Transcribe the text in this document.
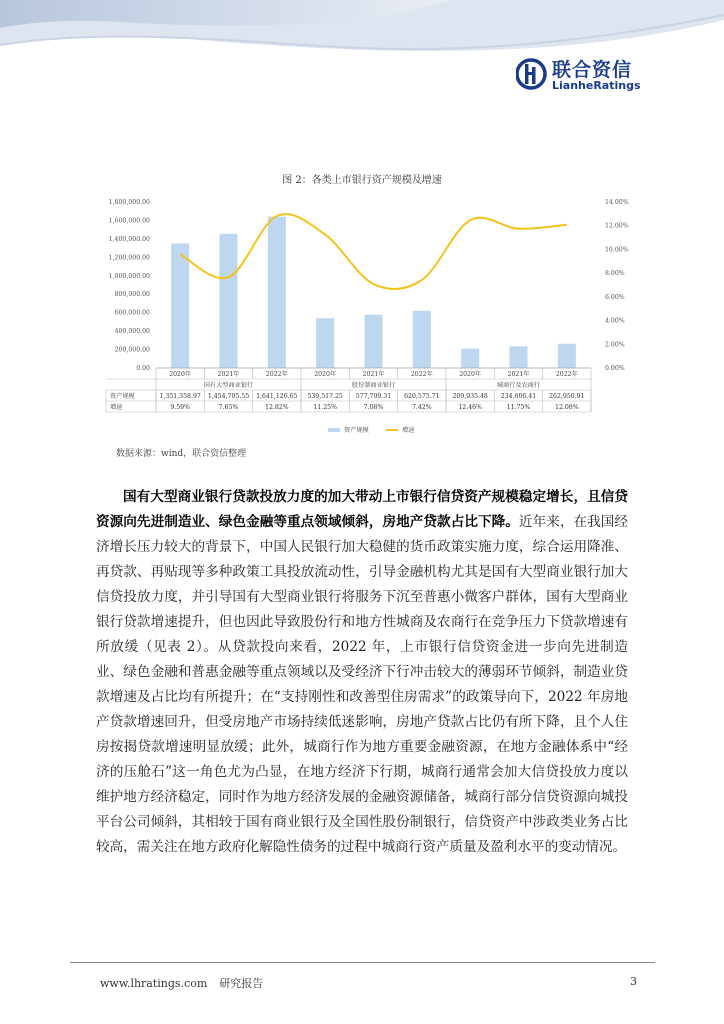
联合资信
LianheRatings
图 2：各类上市银行资产规模及增速
0.00
200,000.00
400,000.00
600,000.00
800,000.00
1,000,000.00
1,200,000.00
1,400,000.00
1,600,000.00
1,800,000.00
0.00%
2.00%
4.00%
6.00%
8.00%
10.00%
12.00%
14.00%
2020年	2021年	2022年	2020年	2021年	2022年	2020年	2021年	2022年
国有大型商业银行	股份制商业银行	城商行及农商行
资产规模
增速
1,351,358.97 1,454,705.55 1,641,126.65 539,517.25 577,709.31 620,575.71 209,935.48 234,606.41 262,950.91
9.59%	7.65%	12.82%	11.25%	7.08%	7.42%	12.46%	11.75%	12.08%
资产规模	增速
数据来源：wind，联合资信整理
国有大型商业银行贷款投放力度的加大带动上市银行信贷资产规模稳定增长，且信贷资源向先进制造业、绿色金融等重点领域倾斜，房地产贷款占比下降。近年来，在我国经济增长压力较大的背景下，中国人民银行加大稳健的货币政策实施力度，综合运用降准、再贷款、再贴现等多种政策工具投放流动性，引导金融机构尤其是国有大型商业银行加大信贷投放力度，并引导国有大型商业银行将服务下沉至普惠小微客户群体，国有大型商业银行贷款增速提升，但也因此导致股份行和地方性城商及农商行在竞争压力下贷款增速有所放缓（见表 2）。从贷款投向来看，2022 年，上市银行信贷资金进一步向先进制造业、绿色金融和普惠金融等重点领域以及受经济下行冲击较大的薄弱环节倾斜，制造业贷款增速及占比均有所提升；在“支持刚性和改善型住房需求”的政策导向下，2022 年房地产贷款增速回升，但受房地产市场持续低迷影响，房地产贷款占比仍有所下降，且个人住房按揭贷款增速明显放缓；此外，城商行作为地方重要金融资源，在地方金融体系中“经济的压舱石”这一角色尤为凸显，在地方经济下行期，城商行通常会加大信贷投放力度以维护地方经济稳定，同时作为地方经济发展的金融资源储备，城商行部分信贷资源向城投平台公司倾斜，其相较于国有商业银行及全国性股份制银行，信贷资产中涉政类业务占比较高，需关注在地方政府化解隐性债务的过程中城商行资产质量及盈利水平的变动情况。
www.lhratings.com 研究报告	3
